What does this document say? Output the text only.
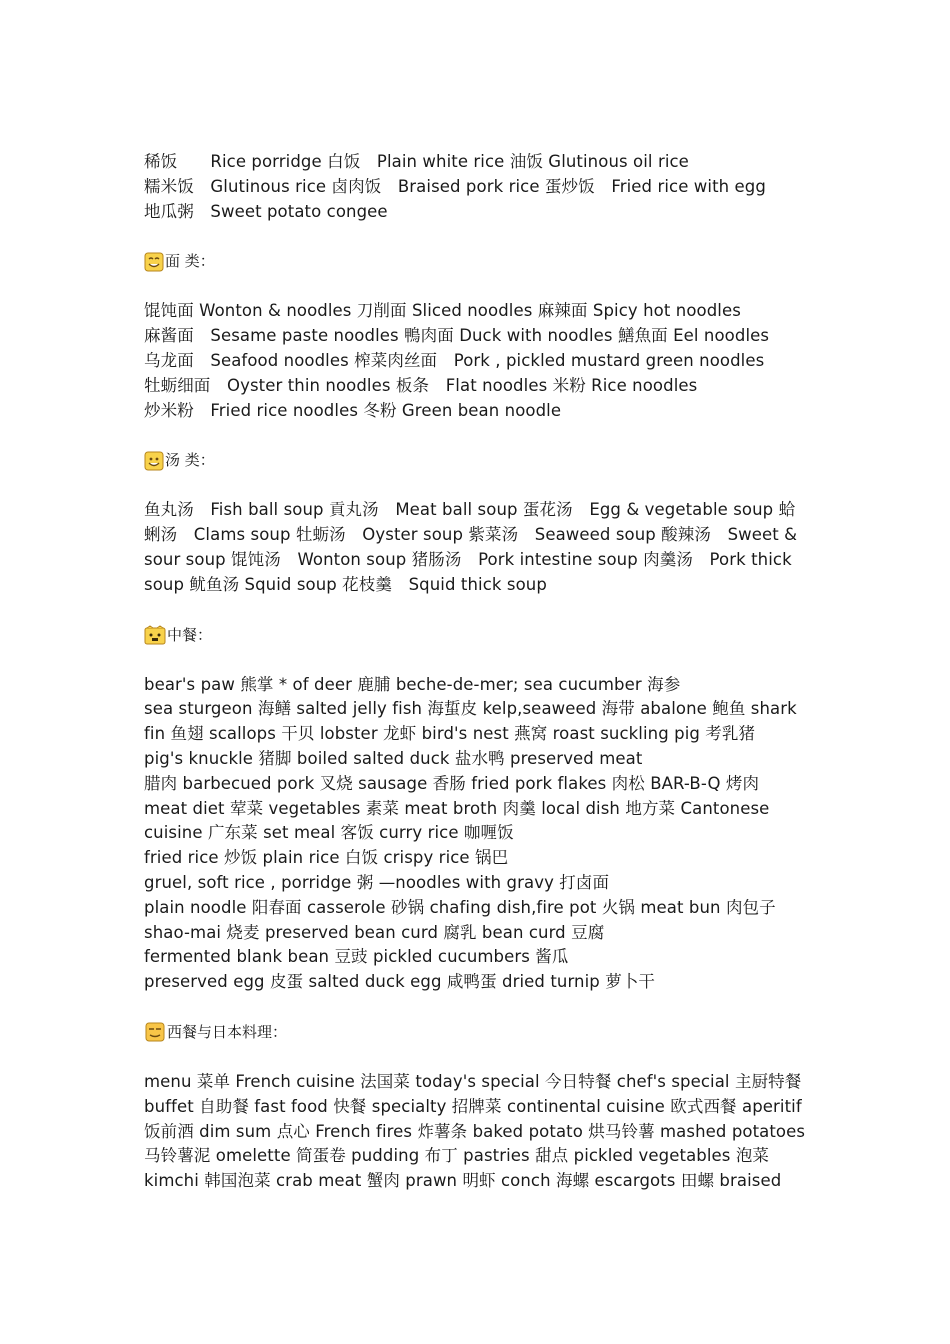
稀饭　　Rice porridge 白饭　Plain white rice 油饭 Glutinous oil rice
糯米饭　Glutinous rice 卤肉饭　Braised pork rice 蛋炒饭　Fried rice with egg
地瓜粥　Sweet potato congee
面 类：
馄饨面 Wonton & noodles 刀削面 Sliced noodles 麻辣面 Spicy hot noodles
麻酱面　Sesame paste noodles 鴨肉面 Duck with noodles 鱔魚面 Eel noodles
乌龙面　Seafood noodles 榨菜肉丝面　Pork , pickled mustard green noodles
牡蛎细面　Oyster thin noodles 板条　Flat noodles 米粉 Rice noodles
炒米粉　Fried rice noodles 冬粉 Green bean noodle
汤 类：
鱼丸汤　Fish ball soup 貢丸汤　Meat ball soup 蛋花汤　Egg & vegetable soup 蛤
蜊汤　Clams soup 牡蛎汤　Oyster soup 紫菜汤　Seaweed soup 酸辣汤　Sweet &
sour soup 馄饨汤　Wonton soup 猪肠汤　Pork intestine soup 肉羹汤　Pork thick
soup 鱿鱼汤 Squid soup 花枝羹　Squid thick soup
中餐：
bear's paw 熊掌 * of deer 鹿脯 beche-de-mer; sea cucumber 海参
sea sturgeon 海鳝 salted jelly fish 海蜇皮 kelp,seaweed 海带 abalone 鲍鱼 shark
fin 鱼翅 scallops 干贝 lobster 龙虾 bird's nest 燕窝 roast suckling pig 考乳猪
pig's knuckle 猪脚 boiled salted duck 盐水鸭 preserved meat
腊肉 barbecued pork 叉烧 sausage 香肠 fried pork flakes 肉松 BAR-B-Q 烤肉
meat diet 荤菜 vegetables 素菜 meat broth 肉羹 local dish 地方菜 Cantonese
cuisine 广东菜 set meal 客饭 curry rice 咖喱饭
fried rice 炒饭 plain rice 白饭 crispy rice 锅巴
gruel, soft rice , porridge 粥 —noodles with gravy 打卤面
plain noodle 阳春面 casserole 砂锅 chafing dish,fire pot 火锅 meat bun 肉包子
shao-mai 烧麦 preserved bean curd 腐乳 bean curd 豆腐
fermented blank bean 豆豉 pickled cucumbers 酱瓜
preserved egg 皮蛋 salted duck egg 咸鸭蛋 dried turnip 萝卜干
西餐与日本料理：
menu 菜单 French cuisine 法国菜 today's special 今日特餐 chef's special 主厨特餐
buffet 自助餐 fast food 快餐 specialty 招牌菜 continental cuisine 欧式西餐 aperitif
饭前酒 dim sum 点心 French fires 炸薯条 baked potato 烘马铃薯 mashed potatoes
马铃薯泥 omelette 简蛋卷 pudding 布丁 pastries 甜点 pickled vegetables 泡菜
kimchi 韩国泡菜 crab meat 蟹肉 prawn 明虾 conch 海螺 escargots 田螺 braised
